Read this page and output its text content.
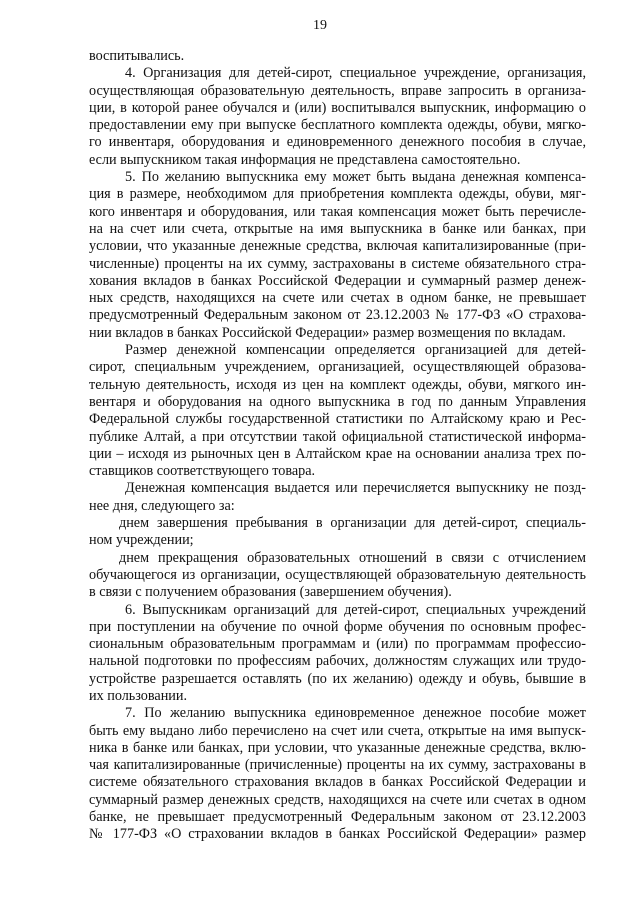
19
воспитывались.
4. Организация для детей-сирот, специальное учреждение, организация,
осуществляющая образовательную деятельность, вправе запросить в организа-
ции, в которой ранее обучался и (или) воспитывался выпускник, информацию о
предоставлении ему при выпуске бесплатного комплекта одежды, обуви, мягко-
го инвентаря, оборудования и единовременного денежного пособия в случае,
если выпускником такая информация не представлена самостоятельно.
5. По желанию выпускника ему может быть выдана денежная компенса-
ция в размере, необходимом для приобретения комплекта одежды, обуви, мяг-
кого инвентаря и оборудования, или такая компенсация может быть перечисле-
на на счет или счета, открытые на имя выпускника в банке или банках, при
условии, что указанные денежные средства, включая капитализированные (при-
численные) проценты на их сумму, застрахованы в системе обязательного стра-
хования вкладов в банках Российской Федерации и суммарный размер денеж-
ных средств, находящихся на счете или счетах в одном банке, не превышает
предусмотренный Федеральным законом от 23.12.2003 № 177-ФЗ «О страхова-
нии вкладов в банках Российской Федерации» размер возмещения по вкладам.
Размер денежной компенсации определяется организацией для детей-
сирот, специальным учреждением, организацией, осуществляющей образова-
тельную деятельность, исходя из цен на комплект одежды, обуви, мягкого ин-
вентаря и оборудования на одного выпускника в год по данным Управления
Федеральной службы государственной статистики по Алтайскому краю и Рес-
публике Алтай, а при отсутствии такой официальной статистической информа-
ции – исходя из рыночных цен в Алтайском крае на основании анализа трех по-
ставщиков соответствующего товара.
Денежная компенсация выдается или перечисляется выпускнику не позд-
нее дня, следующего за:
днем завершения пребывания в организации для детей-сирот, специаль-
ном учреждении;
днем прекращения образовательных отношений в связи с отчислением
обучающегося из организации, осуществляющей образовательную деятельность
в связи с получением образования (завершением обучения).
6. Выпускникам организаций для детей-сирот, специальных учреждений
при поступлении на обучение по очной форме обучения по основным профес-
сиональным образовательным программам и (или) по программам профессио-
нальной подготовки по профессиям рабочих, должностям служащих или трудо-
устройстве разрешается оставлять (по их желанию) одежду и обувь, бывшие в
их пользовании.
7. По желанию выпускника единовременное денежное пособие может
быть ему выдано либо перечислено на счет или счета, открытые на имя выпуск-
ника в банке или банках, при условии, что указанные денежные средства, вклю-
чая капитализированные (причисленные) проценты на их сумму, застрахованы в
системе обязательного страхования вкладов в банках Российской Федерации и
суммарный размер денежных средств, находящихся на счете или счетах в одном
банке, не превышает предусмотренный Федеральным законом от 23.12.2003
№ 177-ФЗ «О страховании вкладов в банках Российской Федерации» размер
